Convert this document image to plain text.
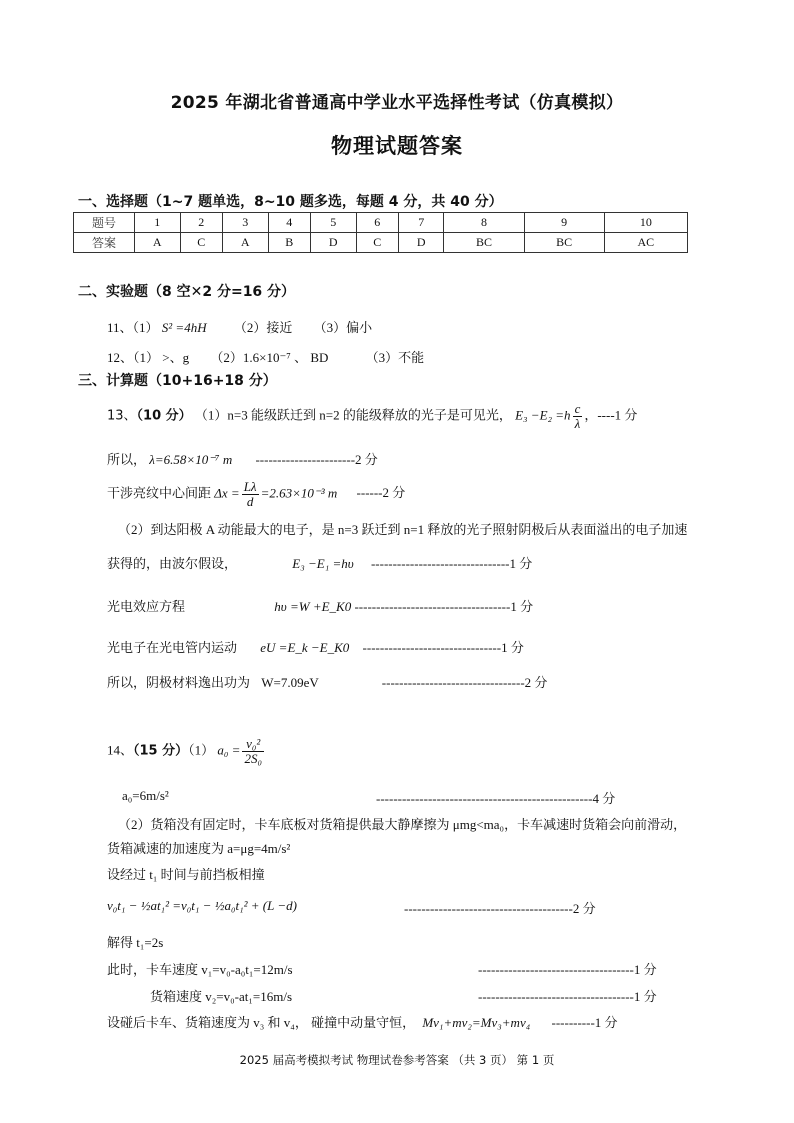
2025 年湖北省普通高中学业水平选择性考试（仿真模拟）
物理试题答案
一、选择题（1~7 题单选，8~10 题多选，每题 4 分，共 40 分）
题号	1	2	3	4	5	6	7	8	9	10
答案	A	C	A	B	D	C	D	BC	BC	AC
二、实验题（8 空✕2 分=16 分）
11、（1） S² =4hH （2）接近 （3）偏小
12、（1） >、g （2）1.6×10⁻⁷ 、 BD	（3）不能
三、计算题（10+16+18 分）
13、（10 分） （1）n=3 能级跃迁到 n=2 的能级释放的光子是可见光， $E_3 -E_2 =h \frac{c}{\lambda}$ ，----1 分
所以， λ=6.58×10⁻⁷ m -----------------------2 分
干涉亮纹中心间距 $\Delta x = \frac{L\lambda}{d} =2.63\times 10^{-3}$ m ------2 分
（2）到达阳极 A 动能最大的电子，是 n=3 跃迁到 n=1 释放的光子照射阴极后从表面溢出的电子加速
获得的，由波尔假设，	E₃ −E₁ =hυ --------------------------------1 分
光电效应方程	hυ =W +E_K0 ------------------------------------1 分
光电子在光电管内运动 eU =E_k −E_K0 --------------------------------1 分
所以，阴极材料逸出功为 W=7.09eV	---------------------------------2 分
14、（15 分）（1） $a_0 = \frac{\text{v₀²}}{\text{2S₀}}$
a₀=6m/s²	--------------------------------------------------4 分
（2）货箱没有固定时，卡车底板对货箱提供最大静摩擦为 μmg<ma₀，卡车减速时货箱会向前滑动，
货箱减速的加速度为 a=μg=4m/s²
设经过 t₁ 时间与前挡板相撞
v₀t₁ − ½at₁² =v₀t₁ − ½a₀t₁² + (L −d)	---------------------------------------2 分
解得 t₁=2s
此时，卡车速度 v₁=v₀-a₀t₁=12m/s	------------------------------------1 分
货箱速度 v₂=v₀-at₁=16m/s	------------------------------------1 分
设碰后卡车、货箱速度为 v₃ 和 v₄， 碰撞中动量守恒， Mv₁+mv₂=Mv₃+mv₄ ----------1 分
2025 届高考模拟考试 物理试卷参考答案 （共 3 页） 第 1 页
